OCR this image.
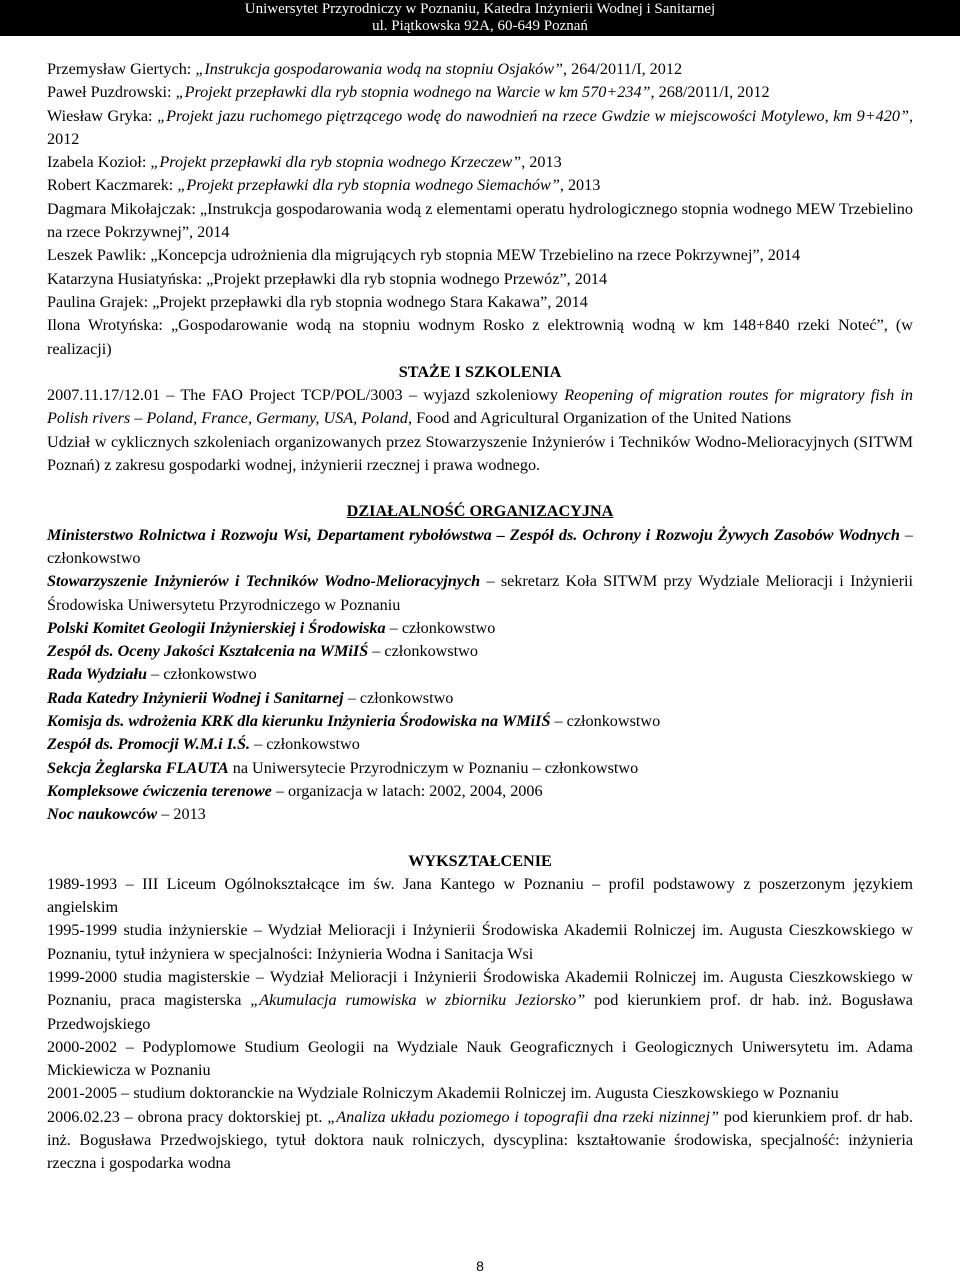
Uniwersytet Przyrodniczy w Poznaniu, Katedra Inżynierii Wodnej i Sanitarnej
ul. Piątkowska 92A, 60-649 Poznań

Przemysław Giertych: „Instrukcja gospodarowania wodą na stopniu Osjaków”, 264/2011/I, 2012

Paweł Puzdrowski: „Projekt przepławki dla ryb stopnia wodnego na Warcie w km 570+234”, 268/2011/I, 2012

Wiesław Gryka: „Projekt jazu ruchomego piętrzącego wodę do nawodnień na rzece Gwdzie w miejscowości Motylewo, km 9+420”, 2012

Izabela Kozioł: „Projekt przepławki dla ryb stopnia wodnego Krzeczew”, 2013

Robert Kaczmarek: „Projekt przepławki dla ryb stopnia wodnego Siemachów”, 2013

Dagmara Mikołajczak: „Instrukcja gospodarowania wodą z elementami operatu hydrologicznego stopnia wodnego MEW Trzebielino na rzece Pokrzywnej”, 2014

Leszek Pawlik: „Koncepcja udrożnienia dla migrujących ryb stopnia MEW Trzebielino na rzece Pokrzywnej”, 2014

Katarzyna Husiatyńska: „Projekt przepławki dla ryb stopnia wodnego Przewóz”, 2014

Paulina Grajek: „Projekt przepławki dla ryb stopnia wodnego Stara Kakawa”, 2014

Ilona Wrotyńska: „Gospodarowanie wodą na stopniu wodnym Rosko z elektrownią wodną w km 148+840 rzeki Noteć”, (w realizacji)

STAŻE I SZKOLENIA

2007.11.17/12.01 – The FAO Project TCP/POL/3003 – wyjazd szkoleniowy Reopening of migration routes for migratory fish in Polish rivers – Poland, France, Germany, USA, Poland, Food and Agricultural Organization of the United Nations

Udział w cyklicznych szkoleniach organizowanych przez Stowarzyszenie Inżynierów i Techników Wodno-Melioracyjnych (SITWM Poznań) z zakresu gospodarki wodnej, inżynierii rzecznej i prawa wodnego.

DZIAŁALNOŚĆ ORGANIZACYJNA

Ministerstwo Rolnictwa i Rozwoju Wsi, Departament rybołówstwa – Zespół ds. Ochrony i Rozwoju Żywych Zasobów Wodnych – członkowstwo

Stowarzyszenie Inżynierów i Techników Wodno-Melioracyjnych – sekretarz Koła SITWM przy Wydziale Melioracji i Inżynierii Środowiska Uniwersytetu Przyrodniczego w Poznaniu

Polski Komitet Geologii Inżynierskiej i Środowiska – członkowstwo

Zespół ds. Oceny Jakości Kształcenia na WMiIŚ – członkowstwo

Rada Wydziału – członkowstwo

Rada Katedry Inżynierii Wodnej i Sanitarnej – członkowstwo

Komisja ds. wdrożenia KRK dla kierunku Inżynieria Środowiska na WMiIŚ – członkowstwo

Zespół ds. Promocji W.M.i I.Ś. – członkowstwo

Sekcja Żeglarska FLAUTA na Uniwersytecie Przyrodniczym w Poznaniu – członkowstwo

Kompleksowe ćwiczenia terenowe – organizacja w latach: 2002, 2004, 2006

Noc naukowców – 2013

WYKSZTAŁCENIE

1989-1993 – III Liceum Ogólnokształcące im św. Jana Kantego w Poznaniu – profil podstawowy z poszerzonym językiem angielskim

1995-1999 studia inżynierskie – Wydział Melioracji i Inżynierii Środowiska Akademii Rolniczej im. Augusta Cieszkowskiego w Poznaniu, tytuł inżyniera w specjalności: Inżynieria Wodna i Sanitacja Wsi

1999-2000 studia magisterskie – Wydział Melioracji i Inżynierii Środowiska Akademii Rolniczej im. Augusta Cieszkowskiego w Poznaniu, praca magisterska „Akumulacja rumowiska w zbiorniku Jeziorsko” pod kierunkiem prof. dr hab. inż. Bogusława Przedwojskiego

2000-2002 – Podyplomowe Studium Geologii na Wydziale Nauk Geograficznych i Geologicznych Uniwersytetu im. Adama Mickiewicza w Poznaniu

2001-2005 – studium doktoranckie na Wydziale Rolniczym Akademii Rolniczej im. Augusta Cieszkowskiego w Poznaniu

2006.02.23 – obrona pracy doktorskiej pt. „Analiza układu poziomego i topografii dna rzeki nizinnej” pod kierunkiem prof. dr hab. inż. Bogusława Przedwojskiego, tytuł doktora nauk rolniczych, dyscyplina: kształtowanie środowiska, specjalność: inżynieria rzeczna i gospodarka wodna

8
